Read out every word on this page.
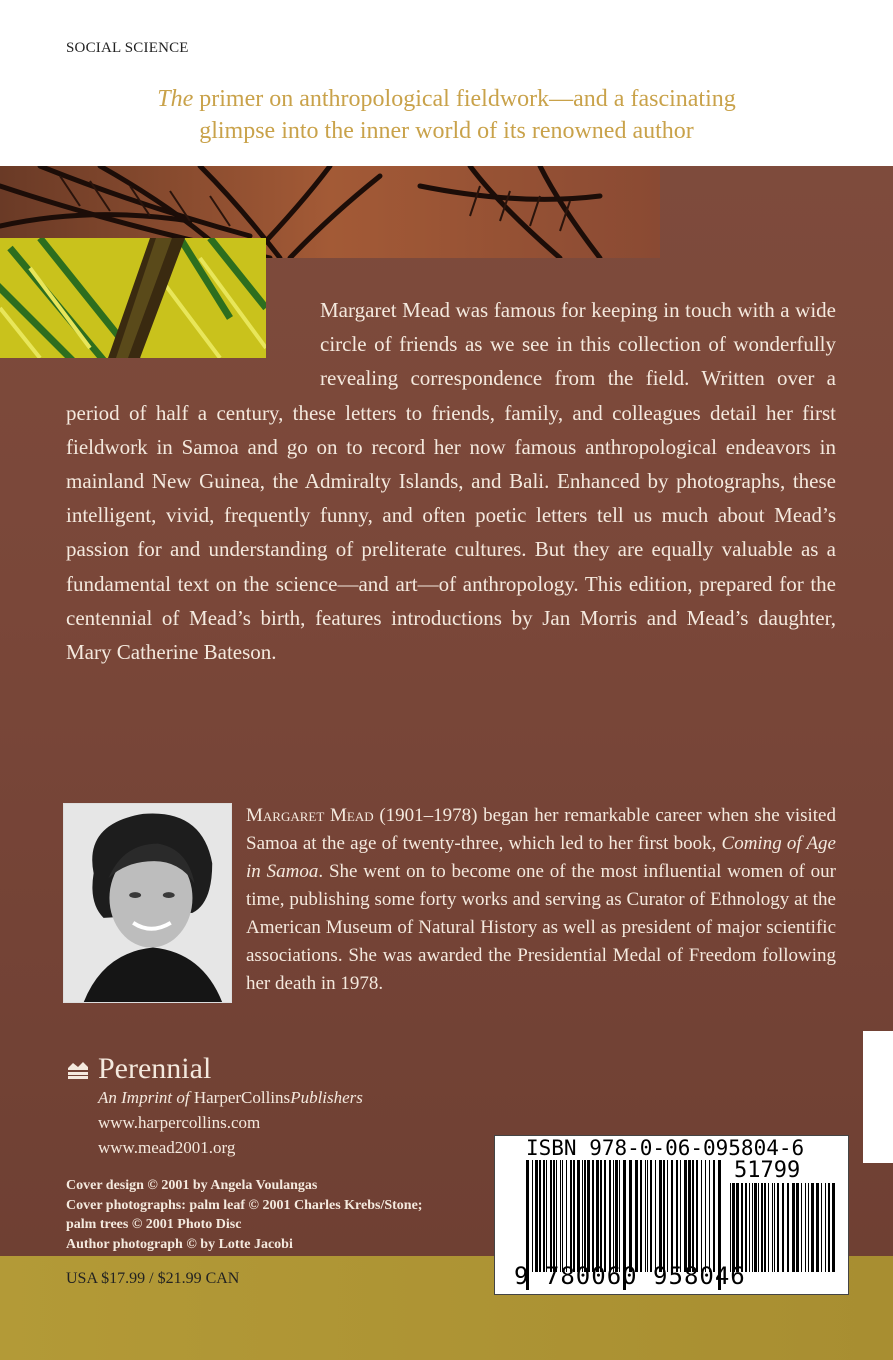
SOCIAL SCIENCE
The primer on anthropological fieldwork—and a fascinating
glimpse into the inner world of its renowned author

Margaret Mead was famous for keeping in touch with a wide circle of friends as we see in this collection of wonderfully revealing correspondence from the field. Written over a period of half a century, these letters to friends, family, and colleagues detail her first fieldwork in Samoa and go on to record her now famous anthropological endeavors in mainland New Guinea, the Admiralty Islands, and Bali. Enhanced by photographs, these intelligent, vivid, frequently funny, and often poetic letters tell us much about Mead’s passion for and understanding of preliterate cultures. But they are equally valuable as a fundamental text on the science—and art—of anthropology. This edition, prepared for the centennial of Mead’s birth, features introductions by Jan Morris and Mead’s daughter, Mary Catherine Bateson.

Margaret Mead (1901–1978) began her remarkable career when she visited Samoa at the age of twenty-three, which led to her first book, Coming of Age in Samoa. She went on to become one of the most influential women of our time, publishing some forty works and serving as Curator of Ethnology at the American Museum of Natural History as well as president of major scientific associations. She was awarded the Presidential Medal of Freedom following her death in 1978.
Perennial
An Imprint of HarperCollinsPublishers
www.harpercollins.com
www.mead2001.org
Cover design © 2001 by Angela Voulangas
Cover photographs: palm leaf © 2001 Charles Krebs/Stone;
palm trees © 2001 Photo Disc
Author photograph © by Lotte Jacobi
USA $17.99 / $21.99 CAN
ISBN 978-0-06-095804-6
51799
9 780060 958046
